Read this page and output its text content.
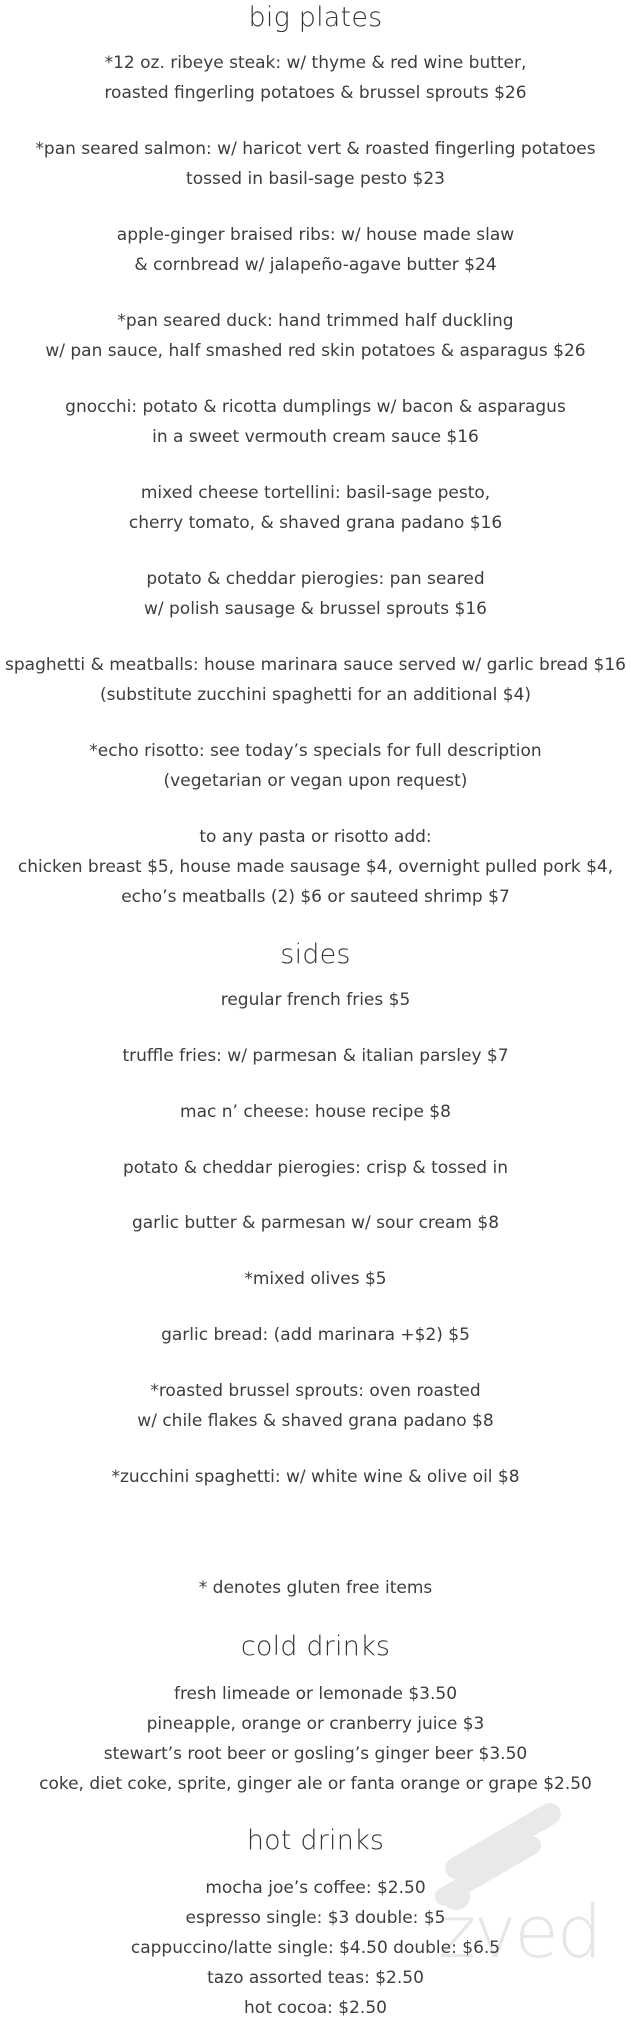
big plates
*12 oz. ribeye steak: w/ thyme & red wine butter,
roasted fingerling potatoes & brussel sprouts $26
*pan seared salmon: w/ haricot vert & roasted fingerling potatoes
tossed in basil-sage pesto $23
apple-ginger braised ribs: w/ house made slaw
& cornbread w/ jalapeño-agave butter $24
*pan seared duck: hand trimmed half duckling
w/ pan sauce, half smashed red skin potatoes & asparagus $26
gnocchi: potato & ricotta dumplings w/ bacon & asparagus
in a sweet vermouth cream sauce $16
mixed cheese tortellini: basil-sage pesto,
cherry tomato, & shaved grana padano $16
potato & cheddar pierogies: pan seared
w/ polish sausage & brussel sprouts $16
spaghetti & meatballs: house marinara sauce served w/ garlic bread $16
(substitute zucchini spaghetti for an additional $4)
*echo risotto: see today’s specials for full description
(vegetarian or vegan upon request)
to any pasta or risotto add:
chicken breast $5, house made sausage $4, overnight pulled pork $4,
echo’s meatballs (2) $6 or sauteed shrimp $7
sides
regular french fries $5
truffle fries: w/ parmesan & italian parsley $7
mac n’ cheese: house recipe $8
potato & cheddar pierogies: crisp & tossed in
garlic butter & parmesan w/ sour cream $8
*mixed olives $5
garlic bread: (add marinara +$2) $5
*roasted brussel sprouts: oven roasted
w/ chile flakes & shaved grana padano $8
*zucchini spaghetti: w/ white wine & olive oil $8
* denotes gluten free items
cold drinks
fresh limeade or lemonade $3.50
pineapple, orange or cranberry juice $3
stewart’s root beer or gosling’s ginger beer $3.50
coke, diet coke, sprite, ginger ale or fanta orange or grape $2.50
zved
hot drinks
mocha joe’s coffee: $2.50
espresso single: $3 double: $5
cappuccino/latte single: $4.50 double: $6.5
tazo assorted teas: $2.50
hot cocoa: $2.50
